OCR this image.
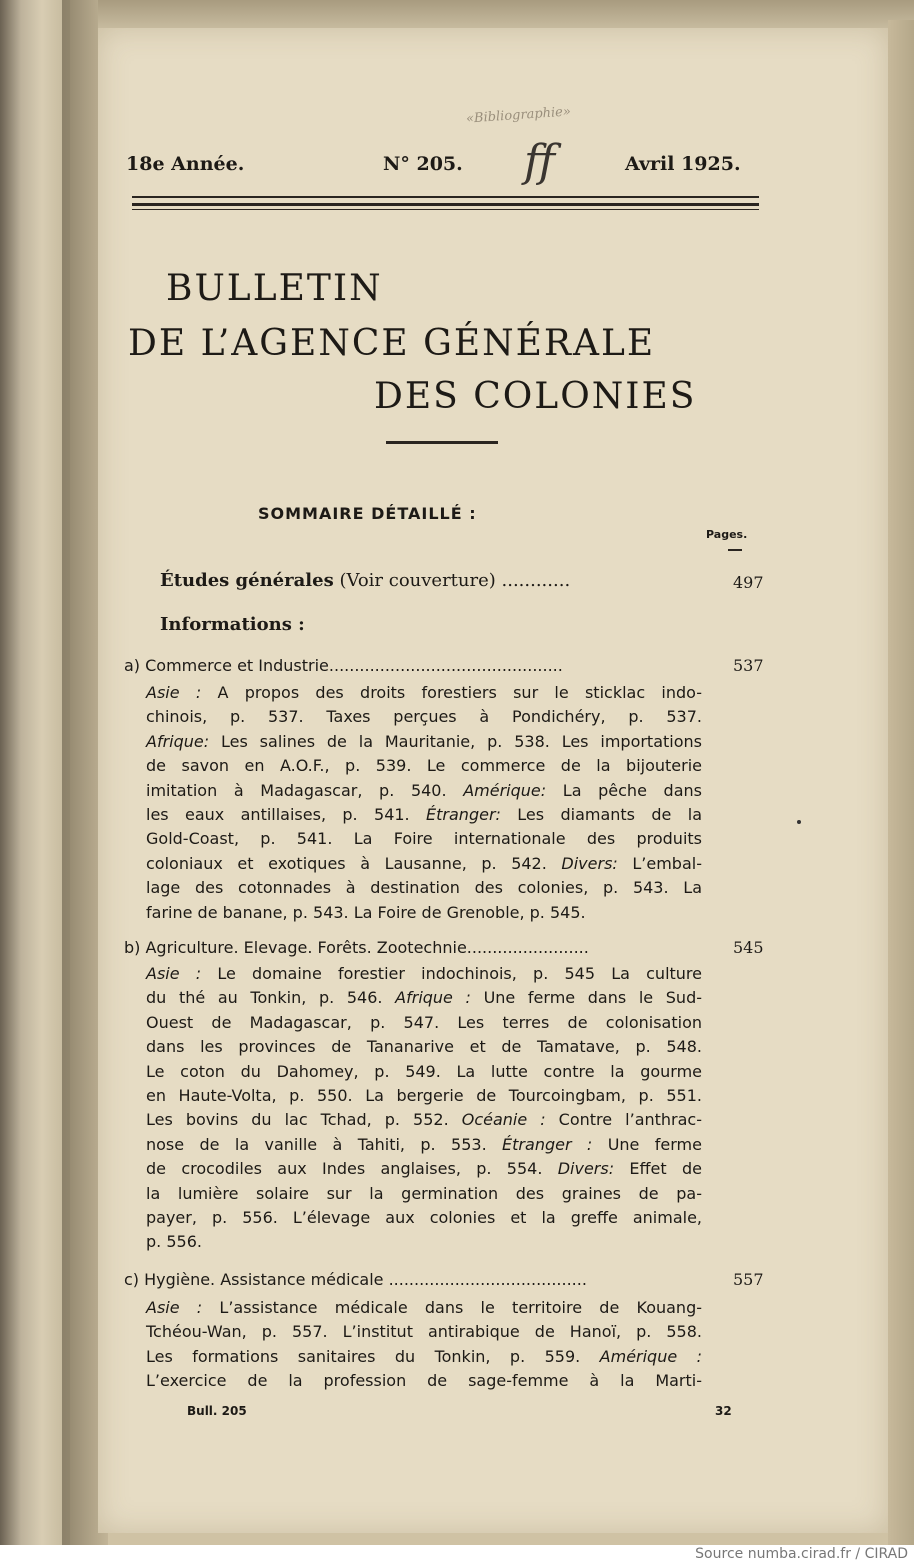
«Bibliographie»
18e Année.	N° 205. ff	Avril 1925.
BULLETIN
DE L’AGENCE GÉNÉRALE
DES COLONIES
SOMMAIRE DÉTAILLÉ :
Pages.
Études générales (Voir couverture) ............	497
Informations :
a) Commerce et Industrie..............................................	537
Asie : A propos des droits forestiers sur le sticklac indo-
chinois, p. 537. Taxes perçues à Pondichéry, p. 537.
Afrique: Les salines de la Mauritanie, p. 538. Les importations
de savon en A.O.F., p. 539. Le commerce de la bijouterie
imitation à Madagascar, p. 540. Amérique: La pêche dans
les eaux antillaises, p. 541. Étranger: Les diamants de la
Gold-Coast, p. 541. La Foire internationale des produits
coloniaux et exotiques à Lausanne, p. 542. Divers: L’embal-
lage des cotonnades à destination des colonies, p. 543. La
farine de banane, p. 543. La Foire de Grenoble, p. 545.
b) Agriculture. Elevage. Forêts. Zootechnie........................	545
Asie : Le domaine forestier indochinois, p. 545 La culture
du thé au Tonkin, p. 546. Afrique : Une ferme dans le Sud-
Ouest de Madagascar, p. 547. Les terres de colonisation
dans les provinces de Tananarive et de Tamatave, p. 548.
Le coton du Dahomey, p. 549. La lutte contre la gourme
en Haute-Volta, p. 550. La bergerie de Tourcoingbam, p. 551.
Les bovins du lac Tchad, p. 552. Océanie : Contre l’anthrac-
nose de la vanille à Tahiti, p. 553. Étranger : Une ferme
de crocodiles aux Indes anglaises, p. 554. Divers: Effet de
la lumière solaire sur la germination des graines de pa-
payer, p. 556. L’élevage aux colonies et la greffe animale,
p. 556.
c) Hygiène. Assistance médicale .......................................	557
Asie : L’assistance médicale dans le territoire de Kouang-
Tchéou-Wan, p. 557. L’institut antirabique de Hanoï, p. 558.
Les formations sanitaires du Tonkin, p. 559. Amérique :
L’exercice de la profession de sage-femme à la Marti-
Bull. 205	32
Source numba.cirad.fr / CIRAD
